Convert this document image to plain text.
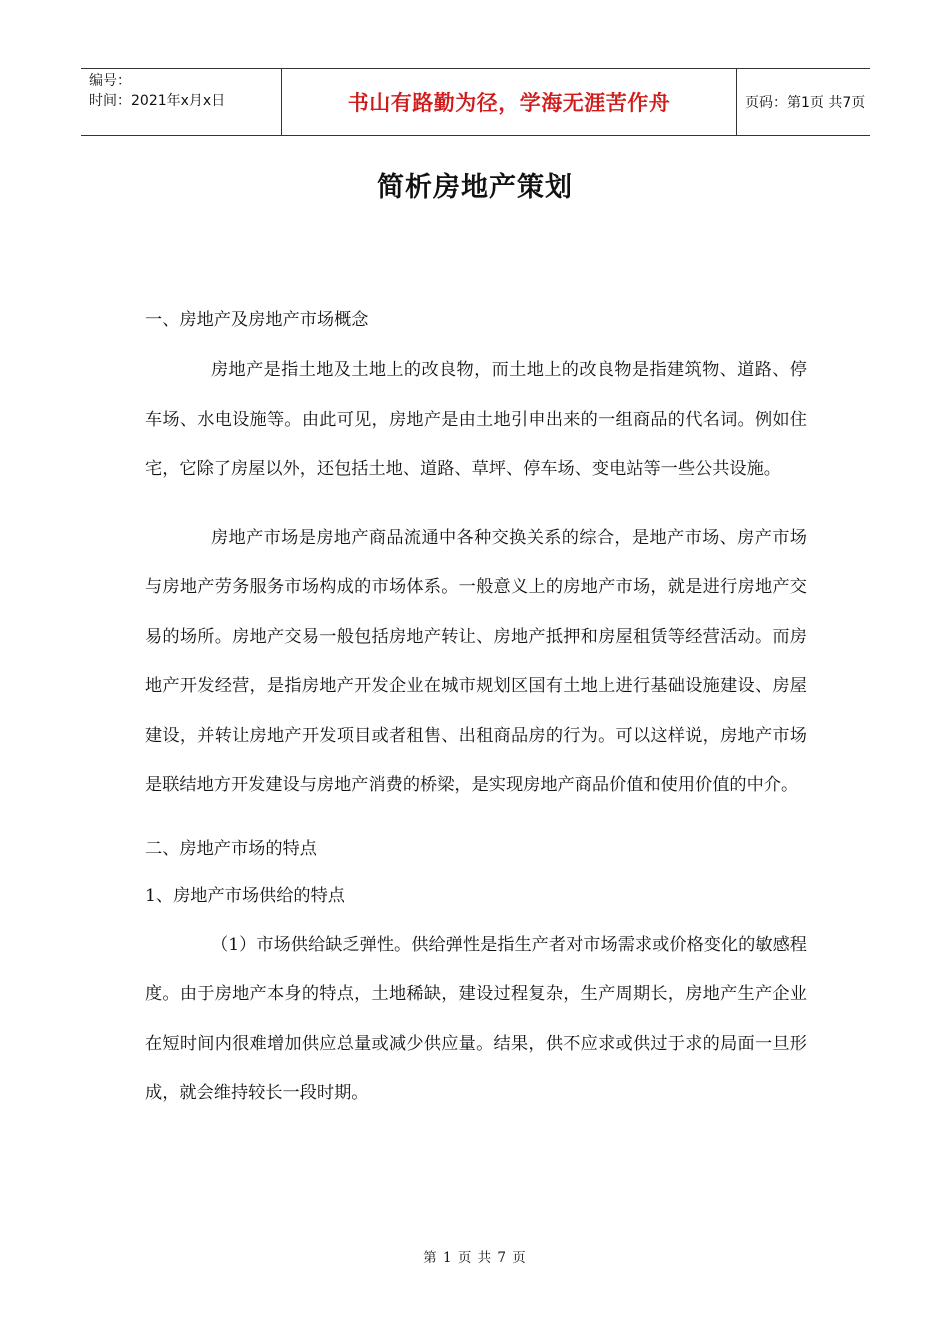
编号：
时间：2021年x月x日	书山有路勤为径，学海无涯苦作舟	页码：第1页 共7页
简析房地产策划

一、房地产及房地产市场概念

房地产是指土地及土地上的改良物，而土地上的改良物是指建筑物、道路、停车场、水电设施等。由此可见，房地产是由土地引申出来的一组商品的代名词。例如住宅，它除了房屋以外，还包括土地、道路、草坪、停车场、变电站等一些公共设施。

房地产市场是房地产商品流通中各种交换关系的综合，是地产市场、房产市场与房地产劳务服务市场构成的市场体系。一般意义上的房地产市场，就是进行房地产交易的场所。房地产交易一般包括房地产转让、房地产抵押和房屋租赁等经营活动。而房地产开发经营，是指房地产开发企业在城市规划区国有土地上进行基础设施建设、房屋建设，并转让房地产开发项目或者租售、出租商品房的行为。可以这样说，房地产市场是联结地方开发建设与房地产消费的桥梁，是实现房地产商品价值和使用价值的中介。

二、房地产市场的特点

1、房地产市场供给的特点

（1）市场供给缺乏弹性。供给弹性是指生产者对市场需求或价格变化的敏感程度。由于房地产本身的特点，土地稀缺，建设过程复杂，生产周期长，房地产生产企业在短时间内很难增加供应总量或减少供应量。结果，供不应求或供过于求的局面一旦形成，就会维持较长一段时期。

第 1 页 共 7 页
